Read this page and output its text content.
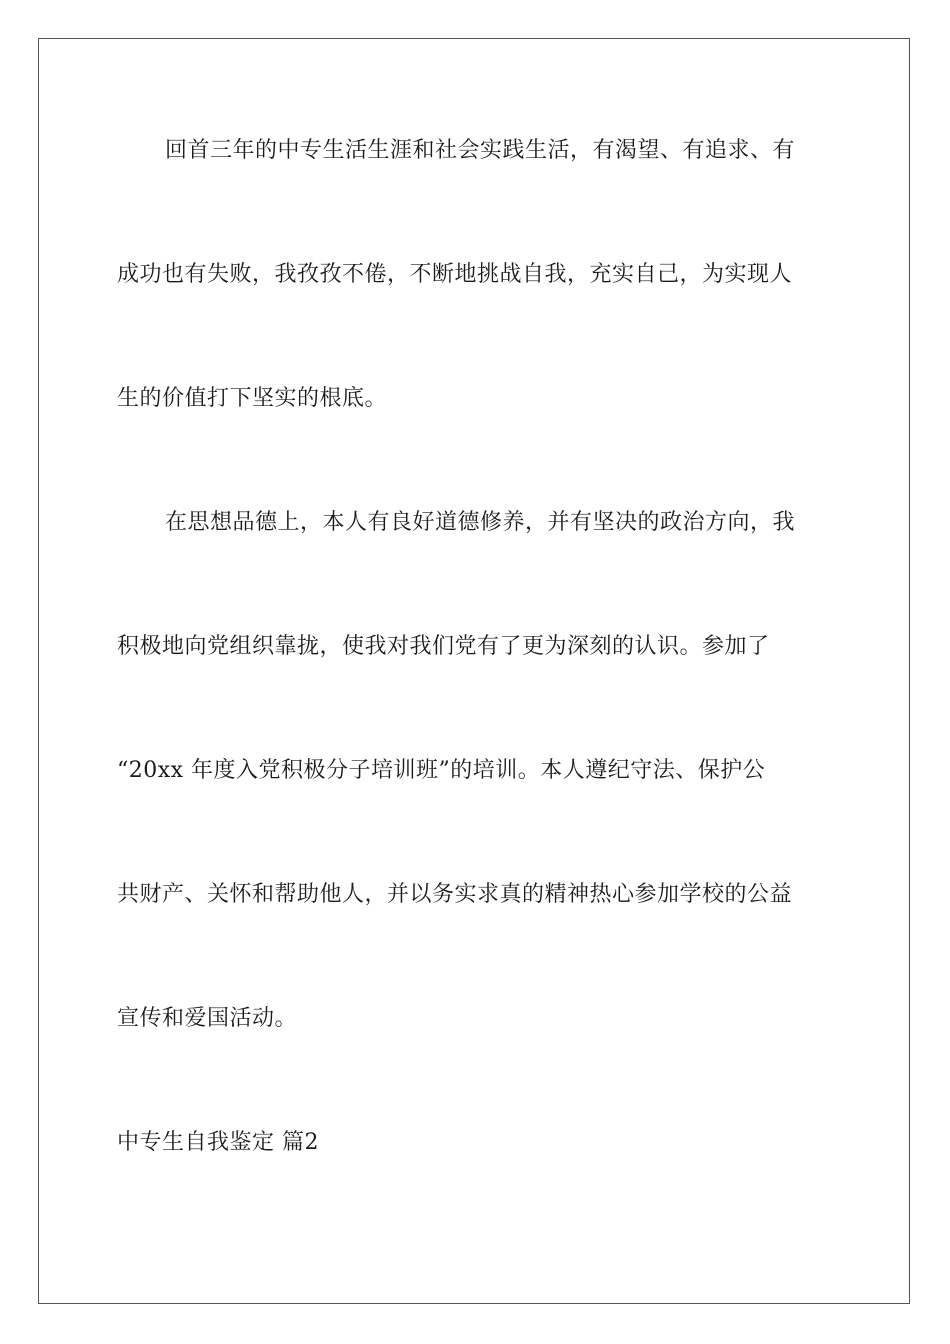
回首三年的中专生活生涯和社会实践生活，有渴望、有追求、有
成功也有失败，我孜孜不倦，不断地挑战自我，充实自己，为实现人
生的价值打下坚实的根底。
在思想品德上，本人有良好道德修养，并有坚决的政治方向，我
积极地向党组织靠拢，使我对我们党有了更为深刻的认识。参加了
“20xx 年度入党积极分子培训班”的培训。本人遵纪守法、保护公
共财产、关怀和帮助他人，并以务实求真的精神热心参加学校的公益
宣传和爱国活动。
中专生自我鉴定 篇2
